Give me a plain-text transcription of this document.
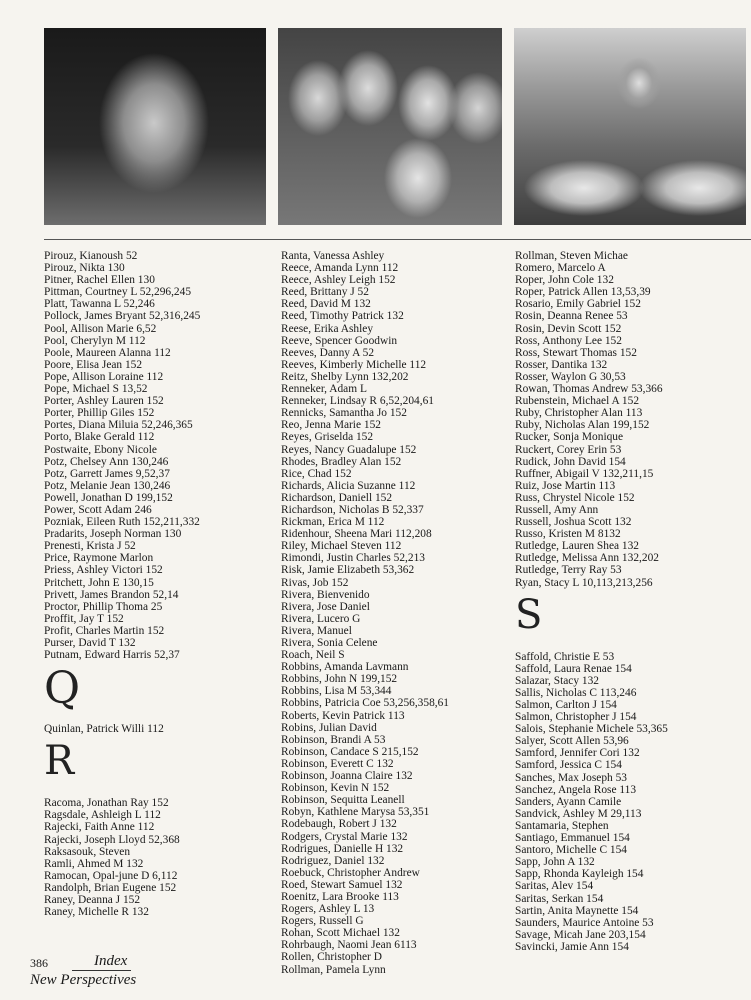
Pirouz, Kianoush 52
Pirouz, Nikta 130
Pitner, Rachel Ellen 130
Pittman, Courtney L 52,296,245
Platt, Tawanna L 52,246
Pollock, James Bryant 52,316,245
Pool, Allison Marie 6,52
Pool, Cherylyn M 112
Poole, Maureen Alanna 112
Poore, Elisa Jean 152
Pope, Allison Loraine 112
Pope, Michael S 13,52
Porter, Ashley Lauren 152
Porter, Phillip Giles 152
Portes, Diana Miluia 52,246,365
Porto, Blake Gerald 112
Postwaite, Ebony Nicole
Potz, Chelsey Ann 130,246
Potz, Garrett James 9,52,37
Potz, Melanie Jean 130,246
Powell, Jonathan D 199,152
Power, Scott Adam 246
Pozniak, Eileen Ruth 152,211,332
Pradarits, Joseph Norman 130
Prenesti, Krista J 52
Price, Raymone Marlon
Priess, Ashley Victori 152
Pritchett, John E 130,15
Privett, James Brandon 52,14
Proctor, Phillip Thoma 25
Proffit, Jay T 152
Profit, Charles Martin 152
Purser, David T 132
Putnam, Edward Harris 52,37
Q
Quinlan, Patrick Willi 112
R
Racoma, Jonathan Ray 152
Ragsdale, Ashleigh L 112
Rajecki, Faith Anne 112
Rajecki, Joseph Lloyd 52,368
Raksasouk, Steven
Ramli, Ahmed M 132
Ramocan, Opal-june D 6,112
Randolph, Brian Eugene 152
Raney, Deanna J 152
Raney, Michelle R 132
Ranta, Vanessa Ashley
Reece, Amanda Lynn 112
Reece, Ashley Leigh 152
Reed, Brittany J 52
Reed, David M 132
Reed, Timothy Patrick 132
Reese, Erika Ashley
Reeve, Spencer Goodwin
Reeves, Danny A 52
Reeves, Kimberly Michelle 112
Reitz, Shelby Lynn 132,202
Renneker, Adam L
Renneker, Lindsay R 6,52,204,61
Rennicks, Samantha Jo 152
Reo, Jenna Marie 152
Reyes, Griselda 152
Reyes, Nancy Guadalupe 152
Rhodes, Bradley Alan 152
Rice, Chad 152
Richards, Alicia Suzanne 112
Richardson, Daniell 152
Richardson, Nicholas B 52,337
Rickman, Erica M 112
Ridenhour, Sheena Mari 112,208
Riley, Michael Steven 112
Rimondi, Justin Charles 52,213
Risk, Jamie Elizabeth 53,362
Rivas, Job 152
Rivera, Bienvenido
Rivera, Jose Daniel
Rivera, Lucero G
Rivera, Manuel
Rivera, Sonia Celene
Roach, Neil S
Robbins, Amanda Lavmann
Robbins, John N 199,152
Robbins, Lisa M 53,344
Robbins, Patricia Coe 53,256,358,61
Roberts, Kevin Patrick 113
Robins, Julian David
Robinson, Brandi A 53
Robinson, Candace S 215,152
Robinson, Everett C 132
Robinson, Joanna Claire 132
Robinson, Kevin N 152
Robinson, Sequitta Leanell
Robyn, Kathlene Marysa 53,351
Rodebaugh, Robert J 132
Rodgers, Crystal Marie 132
Rodrigues, Danielle H 132
Rodriguez, Daniel 132
Roebuck, Christopher Andrew
Roed, Stewart Samuel 132
Roenitz, Lara Brooke 113
Rogers, Ashley L 13
Rogers, Russell G
Rohan, Scott Michael 132
Rohrbaugh, Naomi Jean 6113
Rollen, Christopher D
Rollman, Pamela Lynn
Rollman, Steven Michae
Romero, Marcelo A
Roper, John Cole 132
Roper, Patrick Allen 13,53,39
Rosario, Emily Gabriel 152
Rosin, Deanna Renee 53
Rosin, Devin Scott 152
Ross, Anthony Lee 152
Ross, Stewart Thomas 152
Rosser, Dantika 132
Rosser, Waylon G 30,53
Rowan, Thomas Andrew 53,366
Rubenstein, Michael A 152
Ruby, Christopher Alan 113
Ruby, Nicholas Alan 199,152
Rucker, Sonja Monique
Ruckert, Corey Erin 53
Rudick, John David 154
Ruffner, Abigail V 132,211,15
Ruiz, Jose Martin 113
Russ, Chrystel Nicole 152
Russell, Amy Ann
Russell, Joshua Scott 132
Russo, Kristen M 8132
Rutledge, Lauren Shea 132
Rutledge, Melissa Ann 132,202
Rutledge, Terry Ray 53
Ryan, Stacy L 10,113,213,256
S
Saffold, Christie E 53
Saffold, Laura Renae 154
Salazar, Stacy 132
Sallis, Nicholas C 113,246
Salmon, Carlton J 154
Salmon, Christopher J 154
Salois, Stephanie Michele 53,365
Salyer, Scott Allen 53,96
Samford, Jennifer Cori 132
Samford, Jessica C 154
Sanches, Max Joseph 53
Sanchez, Angela Rose 113
Sanders, Ayann Camile
Sandvick, Ashley M 29,113
Santamaria, Stephen
Santiago, Emmanuel 154
Santoro, Michelle C 154
Sapp, John A 132
Sapp, Rhonda Kayleigh 154
Saritas, Alev 154
Saritas, Serkan 154
Sartin, Anita Maynette 154
Saunders, Maurice Antoine 53
Savage, Micah Jane 203,154
Savincki, Jamie Ann 154
386	Index
New Perspectives
